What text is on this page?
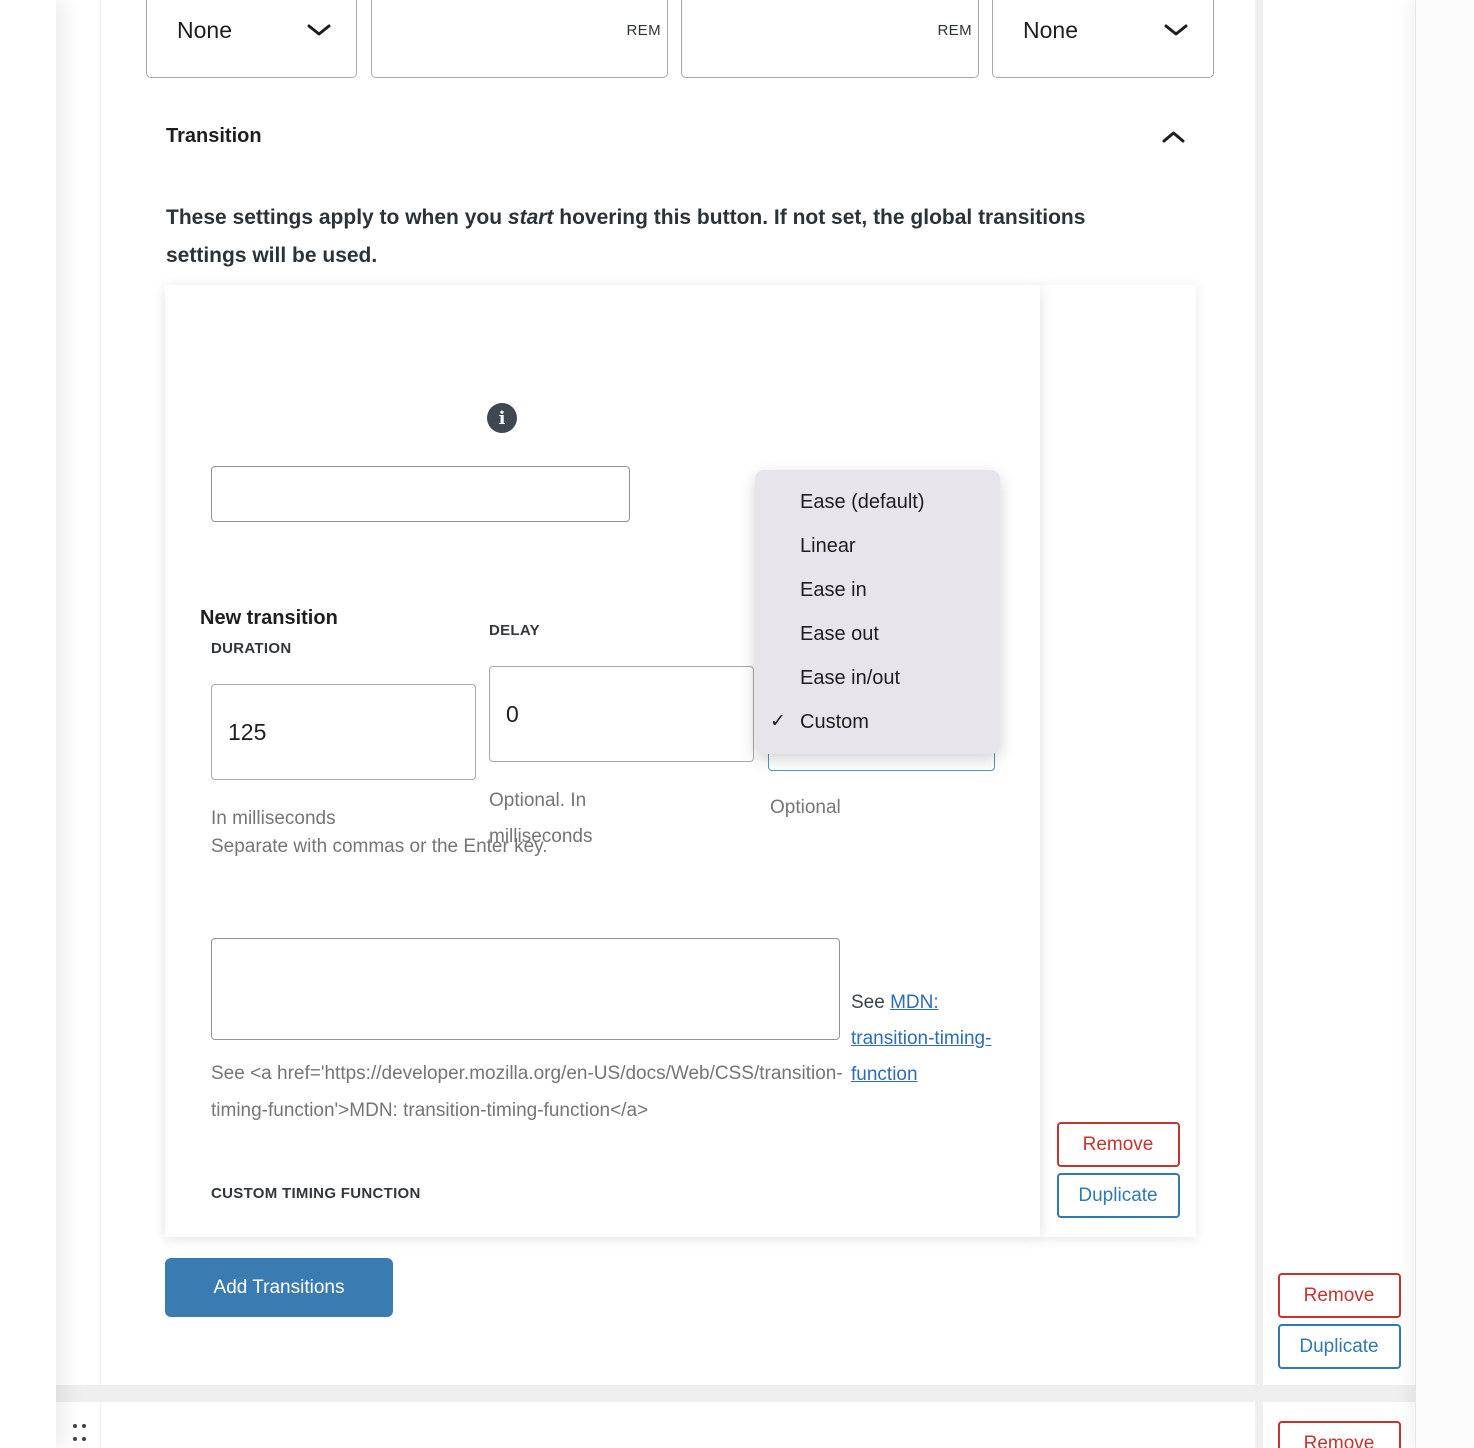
None	REM	REM None
Transition
These settings apply to when you start hovering this button. If not set, the global transitions settings will be used.
New transition
i
Separate with commas or the Enter key.
DURATION
125
In milliseconds
DELAY
0
Optional. In milliseconds
Optional
Ease (default)
Linear
Ease in
Ease out
Ease in/out
✓ Custom
CUSTOM TIMING FUNCTION
See MDN: transition-timing-function
See <a href='https://developer.mozilla.org/en-US/docs/Web/CSS/transition-timing-function'>MDN: transition-timing-function</a>
Remove
Duplicate
Add Transitions	Remove
Duplicate
Remove
